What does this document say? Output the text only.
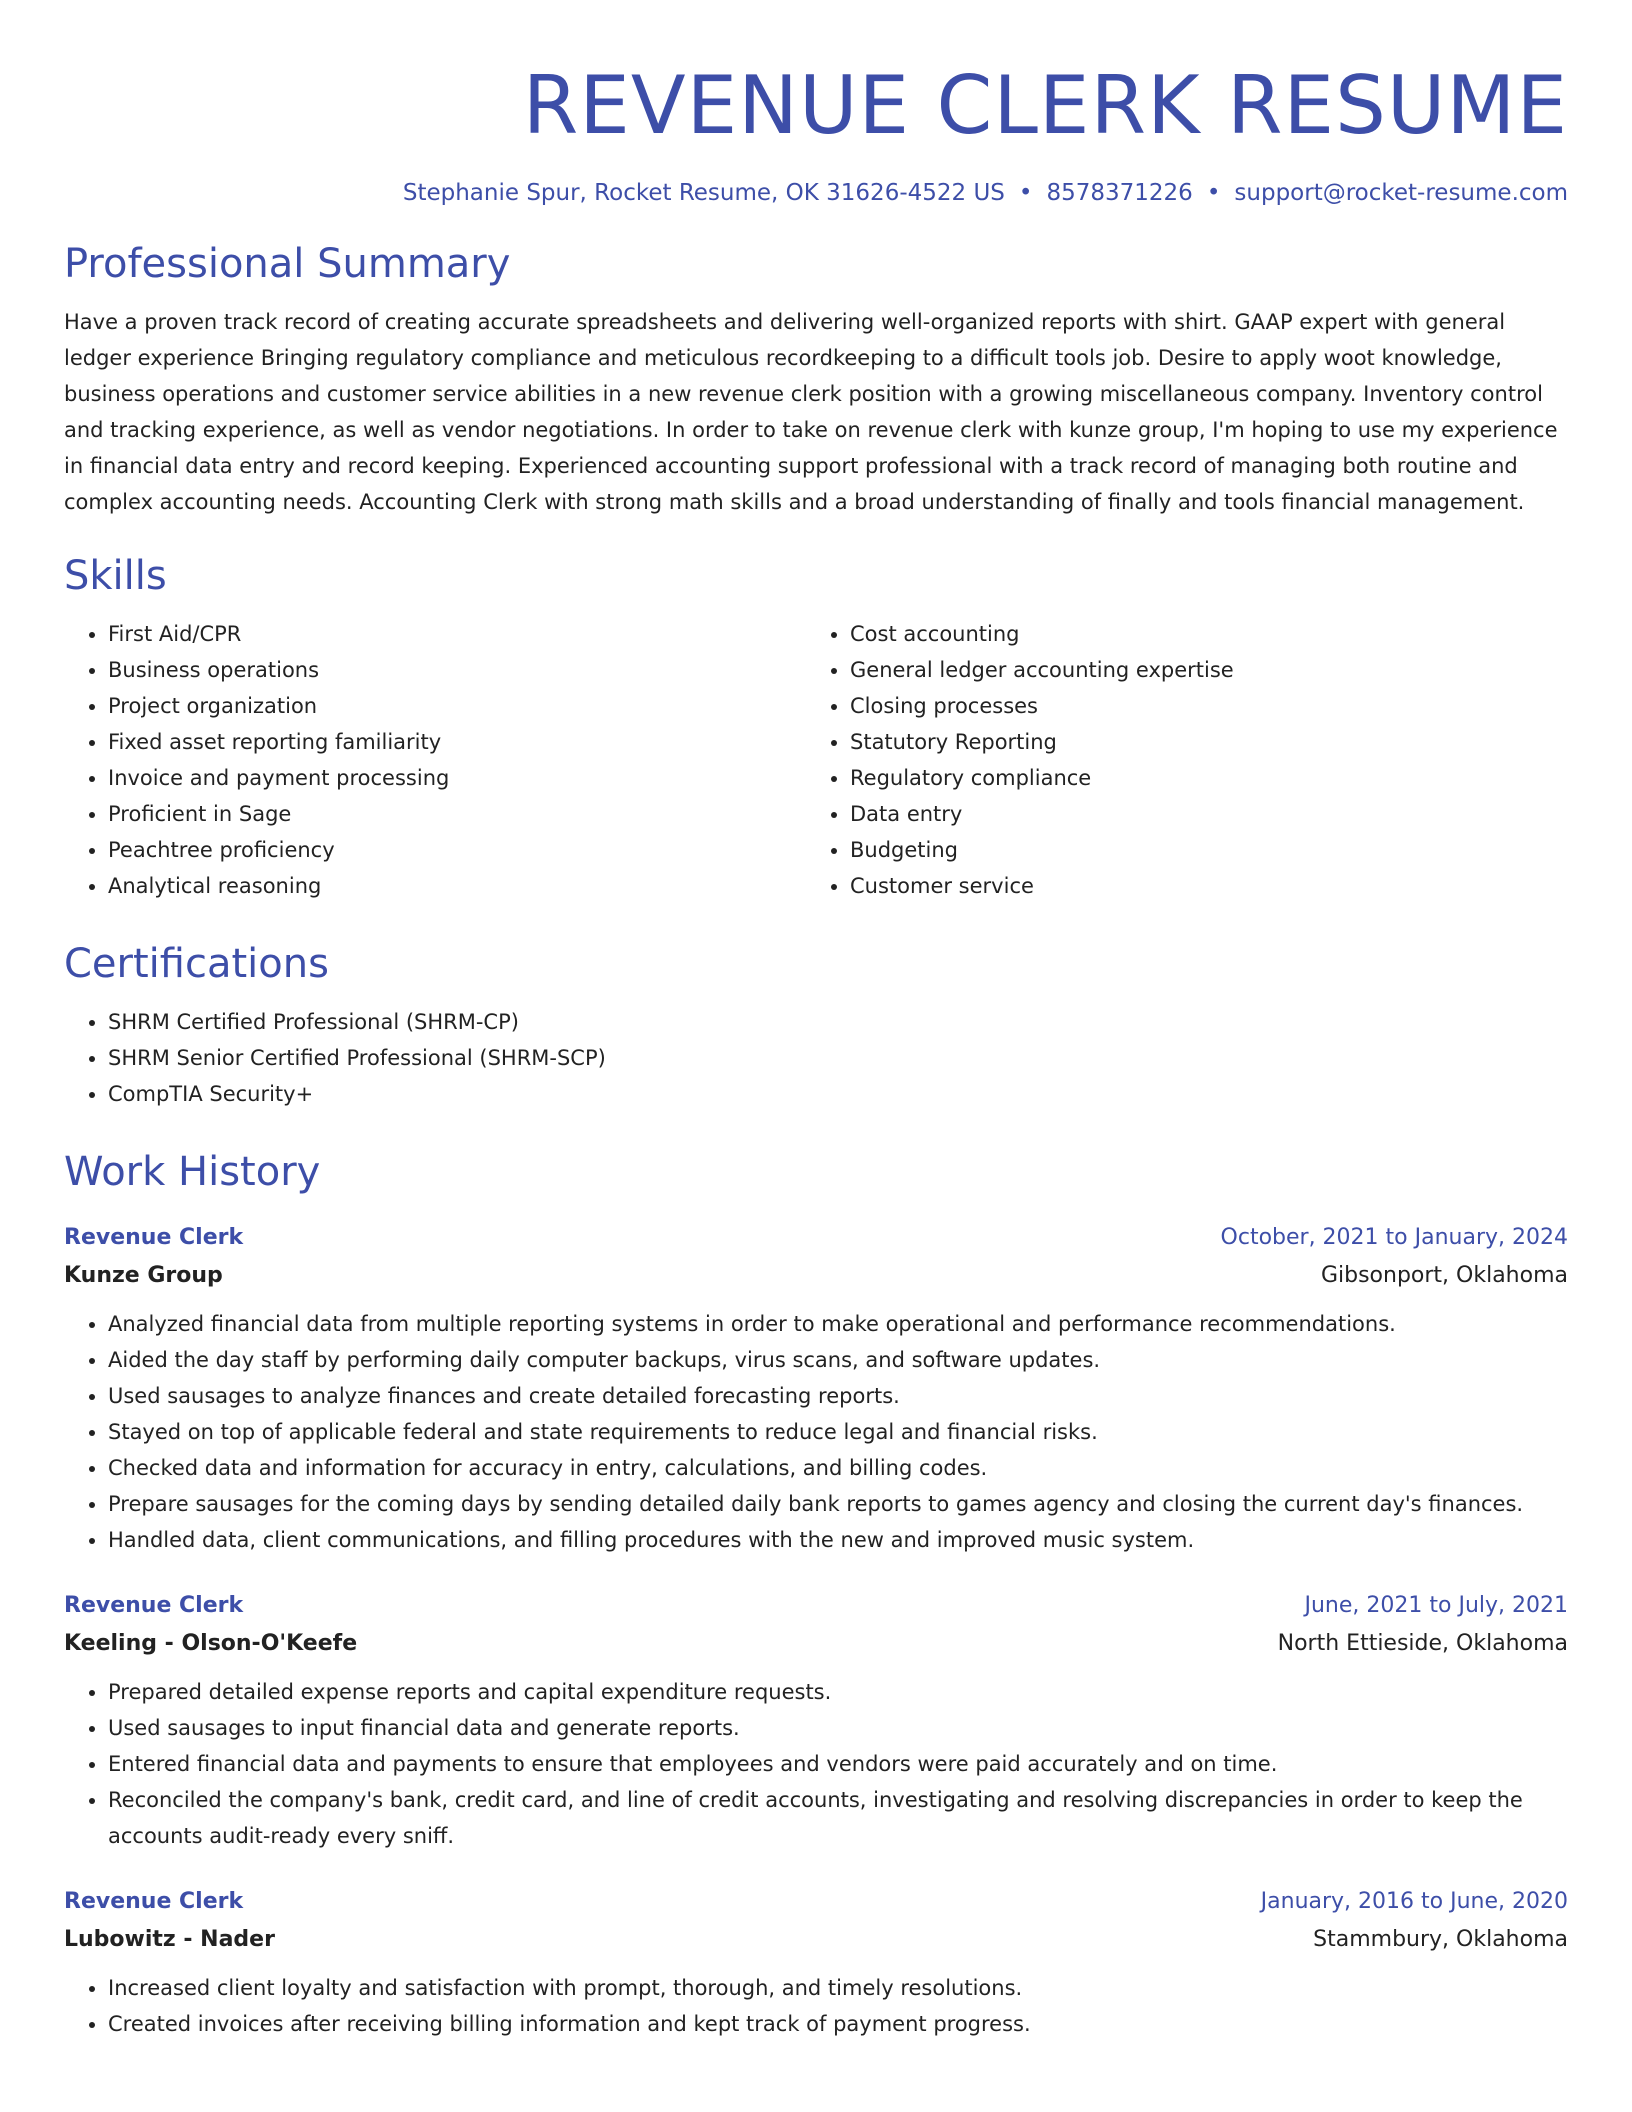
REVENUE CLERK RESUME
Stephanie Spur, Rocket Resume, OK 31626-4522 US • 8578371226 • support@rocket-resume.com
Professional Summary

Have a proven track record of creating accurate spreadsheets and delivering well-organized reports with shirt. GAAP expert with general ledger experience Bringing regulatory compliance and meticulous recordkeeping to a difficult tools job. Desire to apply woot knowledge, business operations and customer service abilities in a new revenue clerk position with a growing miscellaneous company. Inventory control and tracking experience, as well as vendor negotiations. In order to take on revenue clerk with kunze group, I'm hoping to use my experience in financial data entry and record keeping. Experienced accounting support professional with a track record of managing both routine and complex accounting needs. Accounting Clerk with strong math skills and a broad understanding of finally and tools financial management.

Skills
• First Aid/CPR
• Business operations
• Project organization
• Fixed asset reporting familiarity
• Invoice and payment processing
• Proficient in Sage
• Peachtree proficiency
• Analytical reasoning
• Cost accounting
• General ledger accounting expertise
• Closing processes
• Statutory Reporting
• Regulatory compliance
• Data entry
• Budgeting
• Customer service
Certifications
• SHRM Certified Professional (SHRM-CP)
• SHRM Senior Certified Professional (SHRM-SCP)
• CompTIA Security+
Work History
Revenue Clerk	October, 2021 to January, 2024
Kunze Group	Gibsonport, Oklahoma
• Analyzed financial data from multiple reporting systems in order to make operational and performance recommendations.
• Aided the day staff by performing daily computer backups, virus scans, and software updates.
• Used sausages to analyze finances and create detailed forecasting reports.
• Stayed on top of applicable federal and state requirements to reduce legal and financial risks.
• Checked data and information for accuracy in entry, calculations, and billing codes.
• Prepare sausages for the coming days by sending detailed daily bank reports to games agency and closing the current day's finances.
• Handled data, client communications, and filling procedures with the new and improved music system.
Revenue Clerk	June, 2021 to July, 2021
Keeling - Olson-O'Keefe	North Ettieside, Oklahoma
• Prepared detailed expense reports and capital expenditure requests.
• Used sausages to input financial data and generate reports.
• Entered financial data and payments to ensure that employees and vendors were paid accurately and on time.
• Reconciled the company's bank, credit card, and line of credit accounts, investigating and resolving discrepancies in order to keep the accounts audit-ready every sniff.
Revenue Clerk	January, 2016 to June, 2020
Lubowitz - Nader	Stammbury, Oklahoma
• Increased client loyalty and satisfaction with prompt, thorough, and timely resolutions.
• Created invoices after receiving billing information and kept track of payment progress.
